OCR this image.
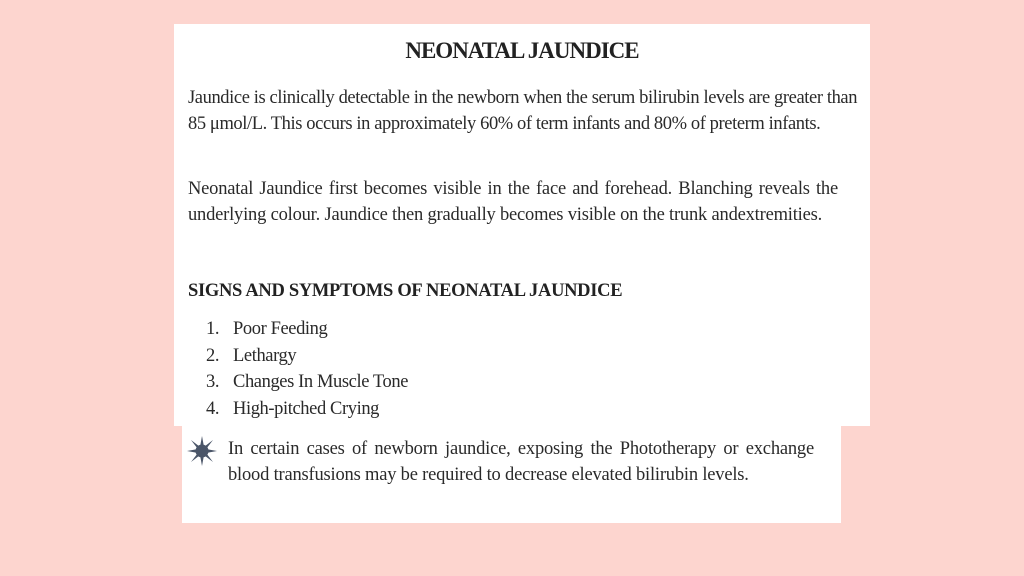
NEONATAL JAUNDICE

Jaundice is clinically detectable in the newborn when the serum bilirubin levels are greater than 85 μmol/L. This occurs in approximately 60% of term infants and 80% of preterm infants.

Neonatal Jaundice first becomes visible in the face and forehead. Blanching reveals the underlying colour. Jaundice then gradually becomes visible on the trunk andextremities.

SIGNS AND SYMPTOMS OF NEONATAL JAUNDICE
1. Poor Feeding
2. Lethargy
3. Changes In Muscle Tone
4. High-pitched Crying

In certain cases of newborn jaundice, exposing the Phototherapy or exchange blood transfusions may be required to decrease elevated bilirubin levels.
